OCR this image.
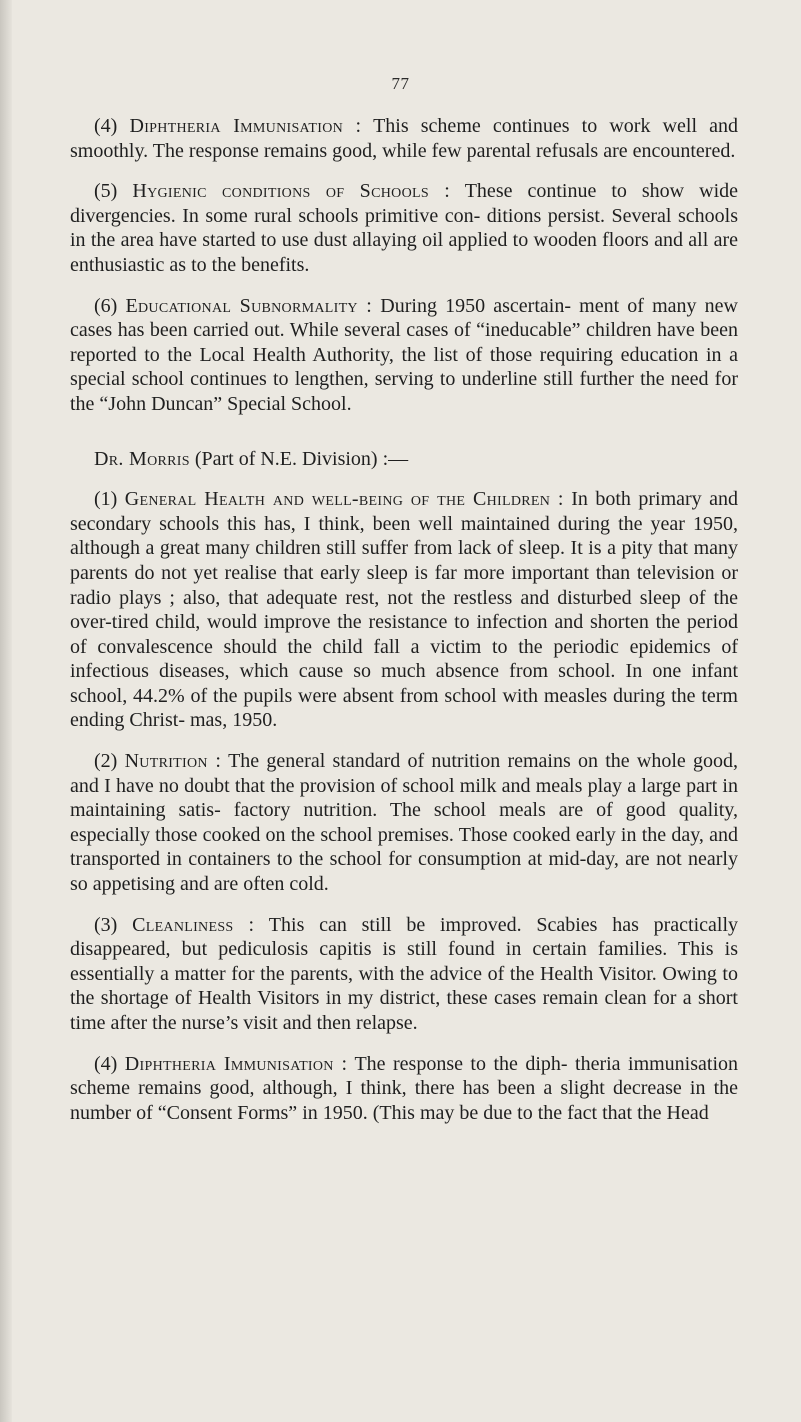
77

(4) Diphtheria Immunisation : This scheme continues to work well and smoothly. The response remains good, while few parental refusals are encountered.

(5) Hygienic conditions of Schools : These continue to show wide divergencies. In some rural schools primitive con- ditions persist. Several schools in the area have started to use dust allaying oil applied to wooden floors and all are enthusiastic as to the benefits.

(6) Educational Subnormality : During 1950 ascertain- ment of many new cases has been carried out. While several cases of “ineducable” children have been reported to the Local Health Authority, the list of those requiring education in a special school continues to lengthen, serving to underline still further the need for the “John Duncan” Special School.

Dr. Morris (Part of N.E. Division) :—

(1) General Health and well-being of the Children : In both primary and secondary schools this has, I think, been well maintained during the year 1950, although a great many children still suffer from lack of sleep. It is a pity that many parents do not yet realise that early sleep is far more important than television or radio plays ; also, that adequate rest, not the restless and disturbed sleep of the over-tired child, would improve the resistance to infection and shorten the period of convalescence should the child fall a victim to the periodic epidemics of infectious diseases, which cause so much absence from school. In one infant school, 44.2% of the pupils were absent from school with measles during the term ending Christ- mas, 1950.

(2) Nutrition : The general standard of nutrition remains on the whole good, and I have no doubt that the provision of school milk and meals play a large part in maintaining satis- factory nutrition. The school meals are of good quality, especially those cooked on the school premises. Those cooked early in the day, and transported in containers to the school for consumption at mid-day, are not nearly so appetising and are often cold.

(3) Cleanliness : This can still be improved. Scabies has practically disappeared, but pediculosis capitis is still found in certain families. This is essentially a matter for the parents, with the advice of the Health Visitor. Owing to the shortage of Health Visitors in my district, these cases remain clean for a short time after the nurse’s visit and then relapse.

(4) Diphtheria Immunisation : The response to the diph- theria immunisation scheme remains good, although, I think, there has been a slight decrease in the number of “Consent Forms” in 1950. (This may be due to the fact that the Head
